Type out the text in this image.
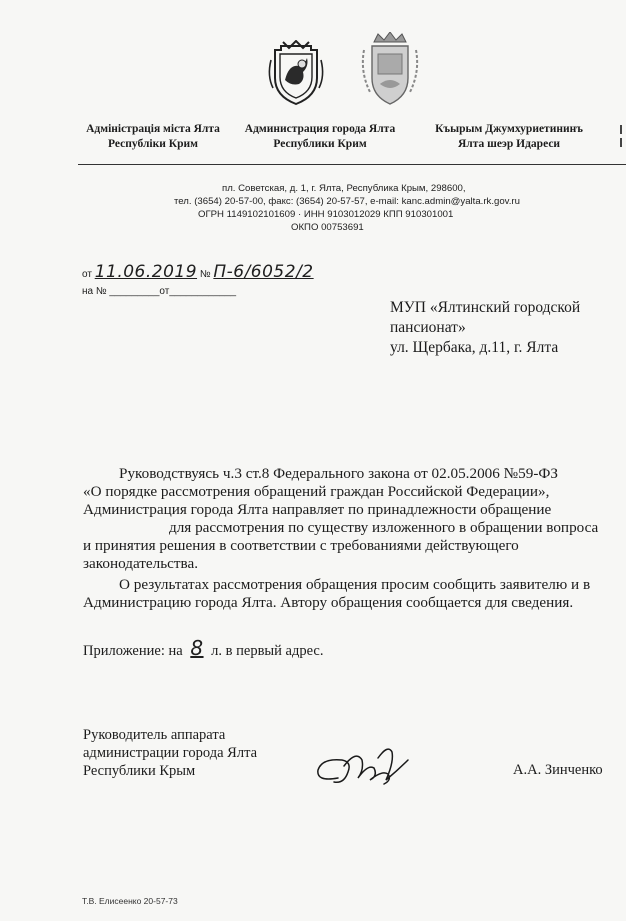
Адміністрація міста Ялта
Республіки Крим
Администрация города Ялта
Республики Крим
Къырым Джумхуриетининъ
Ялта шеэр Идареси
пл. Советская, д. 1, г. Ялта, Республика Крым, 298600,
тел. (3654) 20-57-00, факс: (3654) 20-57-57, e-mail: kanc.admin@yalta.rk.gov.ru
ОГРН 1149102101609 · ИНН 9103012029 КПП 910301001
ОКПО 00753691
от 11.06.2019 № П-6/6052/2
на № _________от____________
МУП «Ялтинский городской
пансионат»
ул. Щербака, д.11, г. Ялта
Руководствуясь ч.3 ст.8 Федерального закона от 02.05.2006 №59-ФЗ
«О порядке рассмотрения обращений граждан Российской Федерации»,
Администрация города Ялта направляет по принадлежности обращение
для рассмотрения по существу изложенного в обращении вопроса
и принятия решения в соответствии с требованиями действующего
законодательства.
О результатах рассмотрения обращения просим сообщить заявителю и в
Администрацию города Ялта. Автору обращения сообщается для сведения.
Приложение: на 8 л. в первый адрес.
Руководитель аппарата
администрации города Ялта
Республики Крым	А.А. Зинченко
Т.В. Елисеенко 20-57-73
